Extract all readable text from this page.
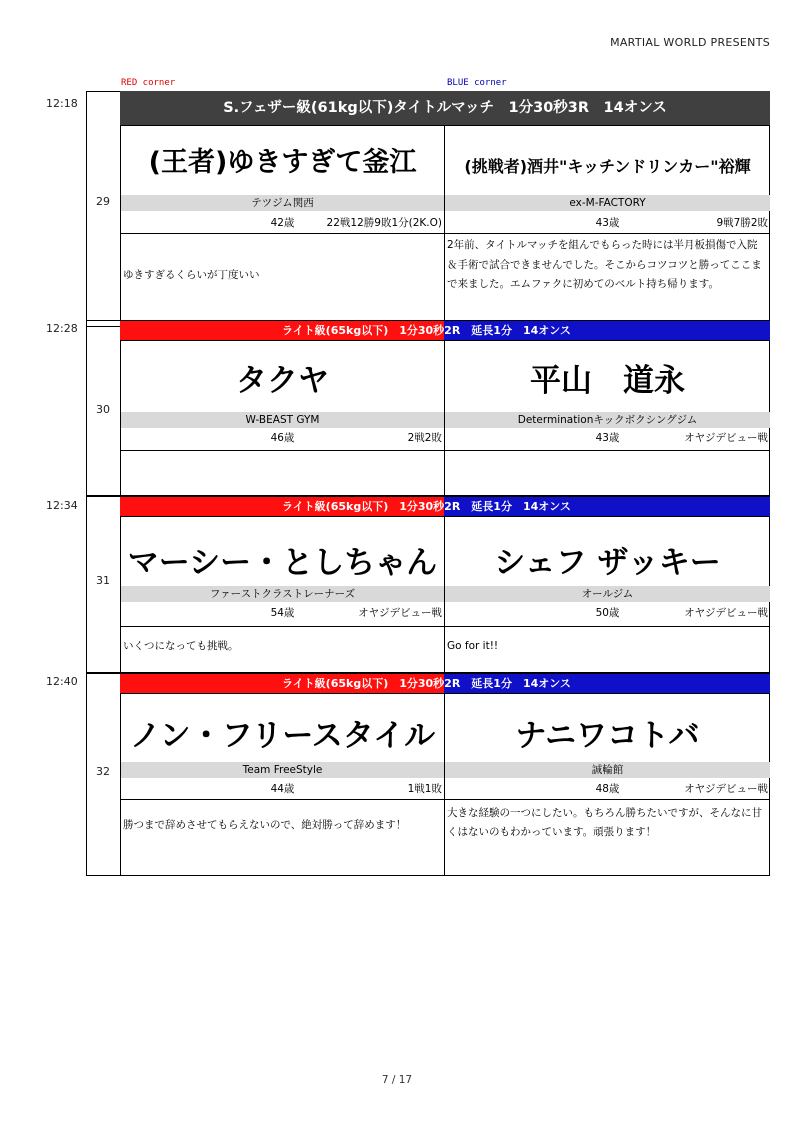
MARTIAL WORLD PRESENTS
RED corner	BLUE corner
12:18
29
S.フェザー級(61kg以下)タイトルマッチ　1分30秒3R　14オンス
(王者)ゆきすぎて釜江	(挑戦者)酒井"キッチンドリンカー"裕輝
テツジム関西	ex-M-FACTORY
42歳	22戦12勝9敗1分(2K.O)	43歳	9戦7勝2敗
ゆきすぎるくらいが丁度いい
2年前、タイトルマッチを組んでもらった時には半月板損傷で入院＆手術で試合できませんでした。そこからコツコツと勝ってここまで来ました。エムファクに初めてのベルト持ち帰ります。
12:28
30
ライト級(65kg以下)　1分30秒2R　延長1分　14オンス
タクヤ	平山　道永
W-BEAST GYM	Determinationキックボクシングジム
46歳	2戦2敗	43歳	オヤジデビュー戦
12:34
31
ライト級(65kg以下)　1分30秒2R　延長1分　14オンス
マーシー・としちゃん	シェフ ザッキー
ファーストクラストレーナーズ	オールジム
54歳	オヤジデビュー戦	50歳	オヤジデビュー戦
いくつになっても挑戦。	Go for it!!
12:40
32
ライト級(65kg以下)　1分30秒2R　延長1分　14オンス
ノン・フリースタイル	ナニワコトバ
Team FreeStyle	誠輪館
44歳	1戦1敗	48歳	オヤジデビュー戦
勝つまで辞めさせてもらえないので、絶対勝って辞めます！
大きな経験の一つにしたい。もちろん勝ちたいですが、そんなに甘くはないのもわかっています。頑張ります！
7 / 17
